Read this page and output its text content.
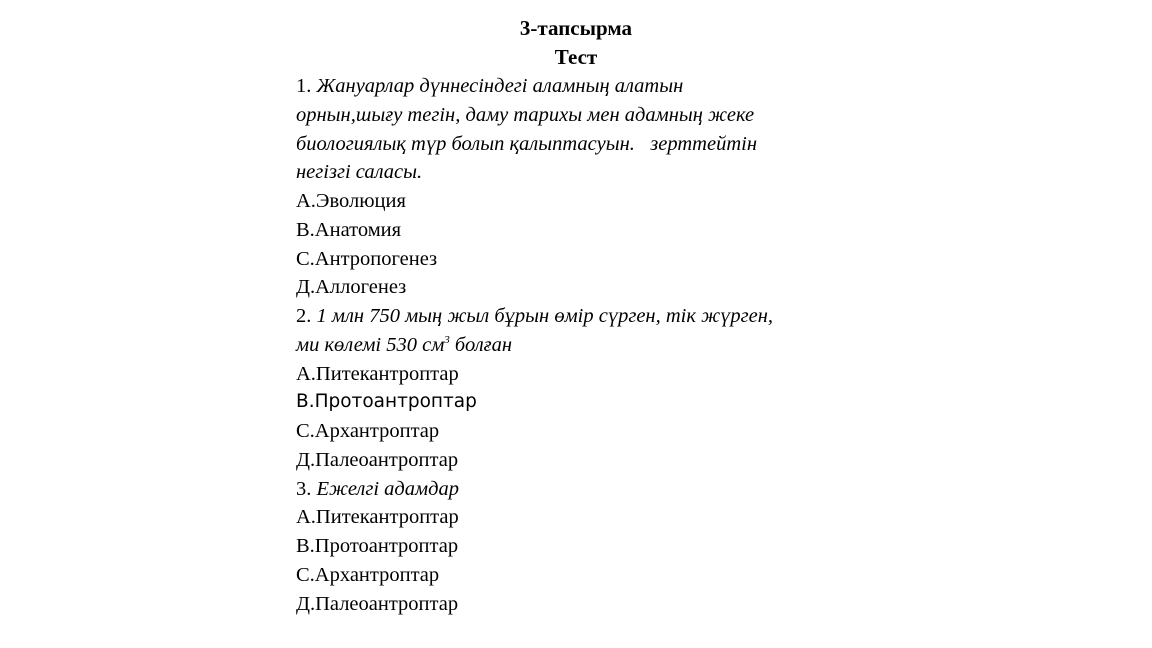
3-тапсырма
Тест
1. Жануарлар дүннесіндегі аламның алатын
орнын,шығу тегін, даму тарихы мен адамның жеке
биологиялық түр болып қалыптасуын.   зерттейтін
негізгі саласы.
А.Эволюция
В.Анатомия
С.Антропогенез
Д.Аллогенез
2. 1 млн 750 мың жыл бұрын өмір сүрген, тік жүрген,
ми көлемі 530 $см^3$ болған
А.Питекантроптар
В.Протоантроптар
С.Архантроптар
Д.Палеоантроптар
3. Ежелгі адамдар
А.Питекантроптар
В.Протоантроптар
С.Архантроптар
Д.Палеоантроптар
